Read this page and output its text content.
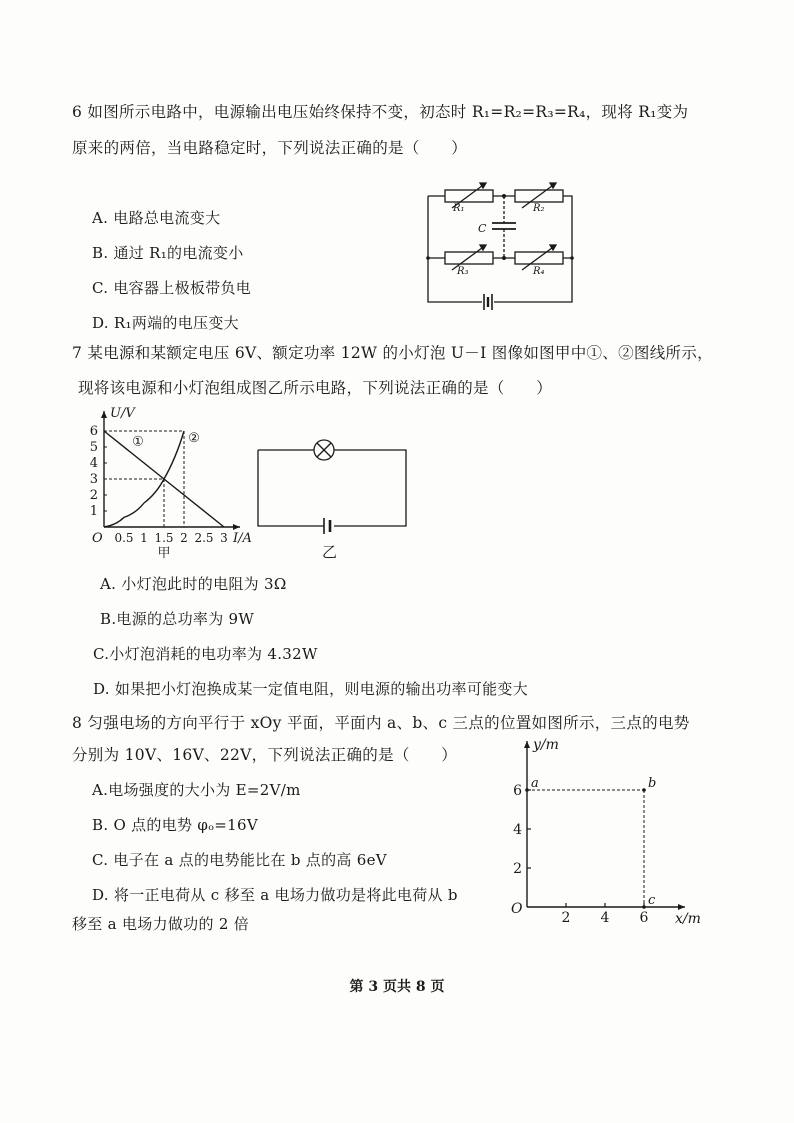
6 如图所示电路中，电源输出电压始终保持不变，初态时 R₁=R₂=R₃=R₄，现将 R₁变为
原来的两倍，当电路稳定时，下列说法正确的是（　　）
A. 电路总电流变大
B. 通过 R₁的电流变小
C. 电容器上极板带负电
D. R₁两端的电压变大
R₁	R₂
C
R₃	R₄
7 某电源和某额定电压 6V、额定功率 12W 的小灯泡 U－I 图像如图甲中①、②图线所示，
现将该电源和小灯泡组成图乙所示电路，下列说法正确的是（　　）
0.5 1 1.5 2 2.5 3
1
2
3
4
5
6
O
U/V
I/A
甲
①	②
乙
A. 小灯泡此时的电阻为 3Ω
B.电源的总功率为 9W
C.小灯泡消耗的电功率为 4.32W
D. 如果把小灯泡换成某一定值电阻，则电源的输出功率可能变大
8 匀强电场的方向平行于 xOy 平面，平面内 a、b、c 三点的位置如图所示，三点的电势
分别为 10V、16V、22V，下列说法正确的是（　　）
A.电场强度的大小为 E=2V/m
B. O 点的电势 φₒ=16V
C. 电子在 a 点的电势能比在 b 点的高 6eV
D. 将一正电荷从 c 移至 a 电场力做功是将此电荷从 b
移至 a 电场力做功的 2 倍	2 4 6
2
4
6
O
y/m
x/m
a	b
c
第 3 页共 8 页
